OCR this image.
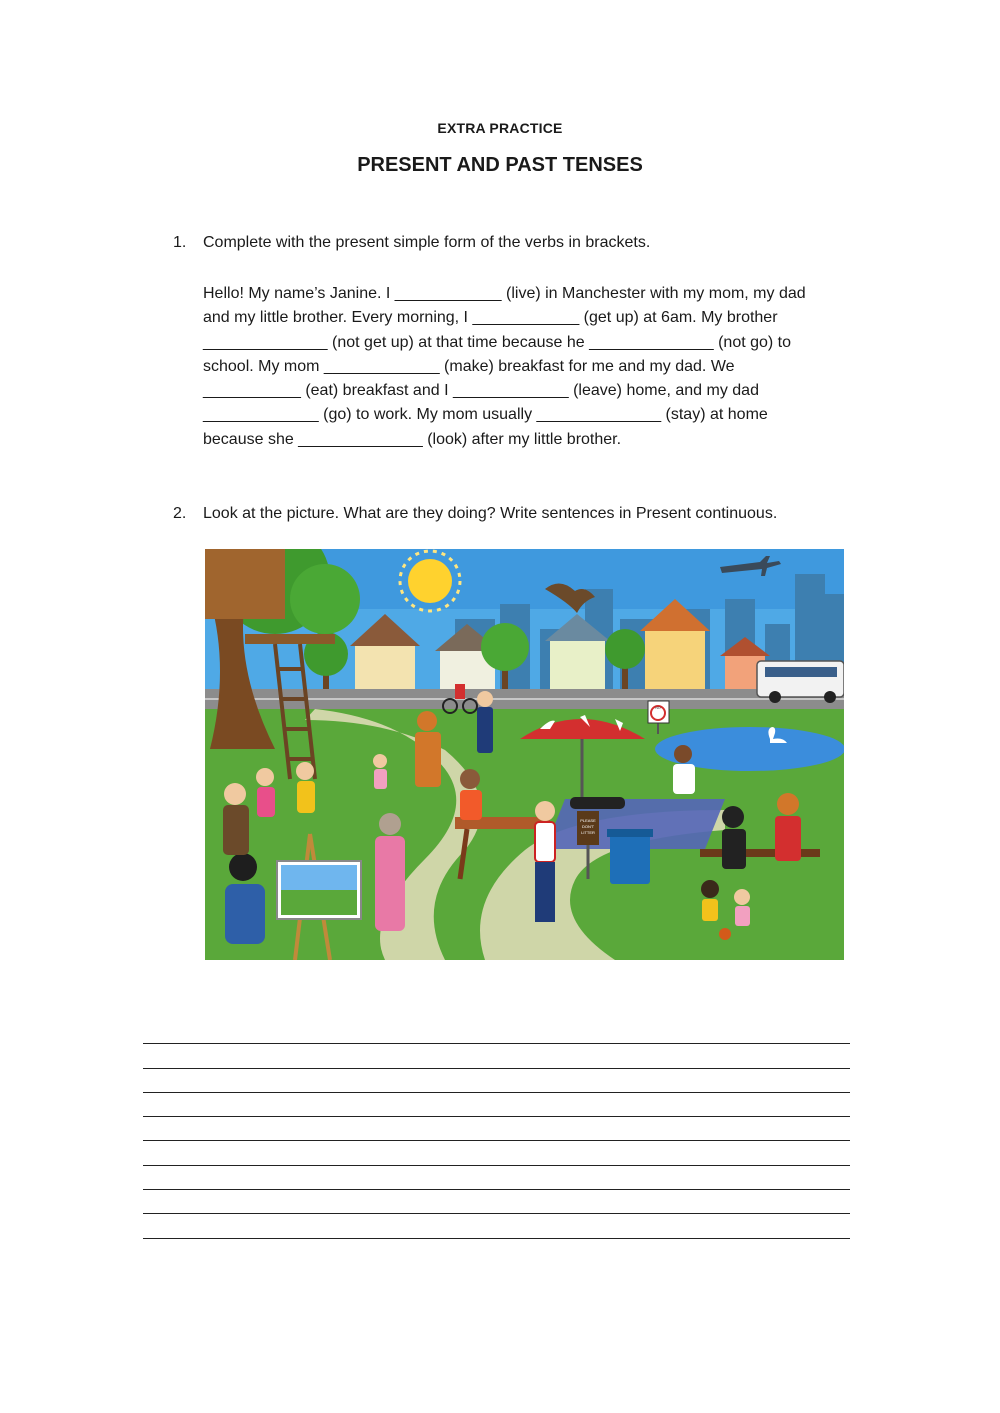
EXTRA PRACTICE
PRESENT AND PAST TENSES
1. Complete with the present simple form of the verbs in brackets.
Hello! My name’s Janine. I ____________ (live) in Manchester with my mom, my dad
and my little brother. Every morning, I ____________ (get up) at 6am. My brother
______________ (not get up) at that time because he ______________ (not go) to
school. My mom _____________ (make) breakfast for me and my dad. We
___________ (eat) breakfast and I _____________ (leave) home, and my dad
_____________ (go) to work. My mom usually ______________ (stay) at home
because she ______________ (look) after my little brother.
2. Look at the picture. What are they doing? Write sentences in Present continuous.
PLEASE
DON'T
LITTER
NO
